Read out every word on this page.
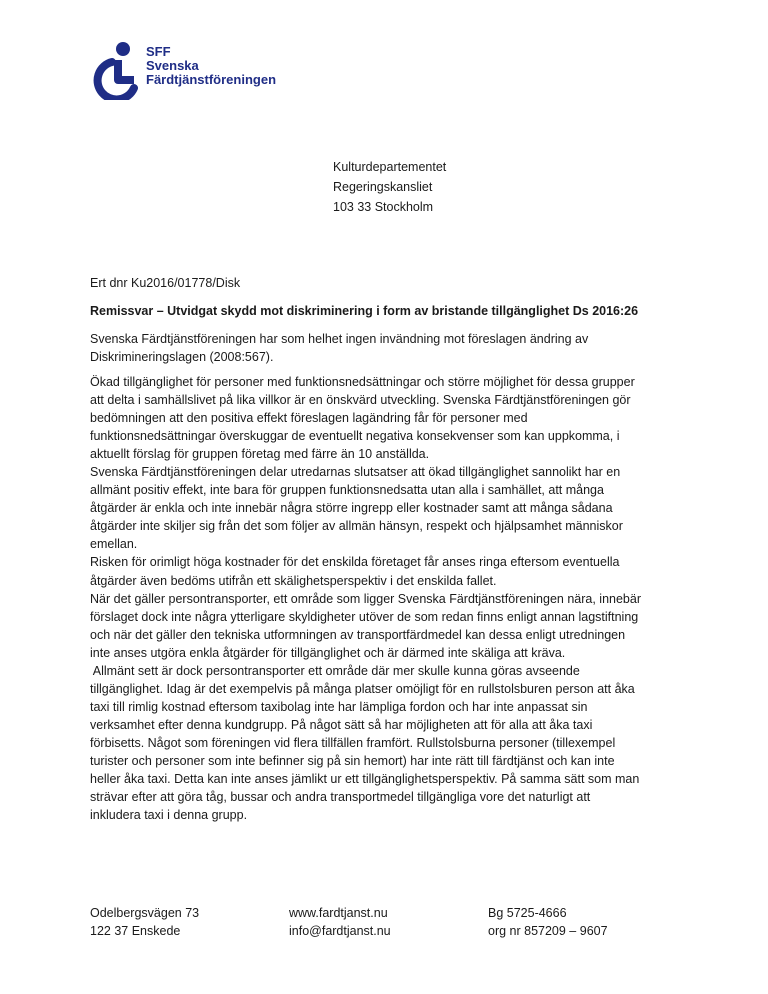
SFF
Svenska
Färdtjänstföreningen
Kulturdepartementet
Regeringskansliet
103 33 Stockholm
Ert dnr Ku2016/01778/Disk
Remissvar – Utvidgat skydd mot diskriminering i form av bristande tillgänglighet Ds 2016:26
Svenska Färdtjänstföreningen har som helhet ingen invändning mot föreslagen ändring av Diskrimineringslagen (2008:567).
Ökad tillgänglighet för personer med funktionsnedsättningar och större möjlighet för dessa grupper
att delta i samhällslivet på lika villkor är en önskvärd utveckling. Svenska Färdtjänstföreningen gör
bedömningen att den positiva effekt föreslagen lagändring får för personer med
funktionsnedsättningar överskuggar de eventuellt negativa konsekvenser som kan uppkomma, i
aktuellt förslag för gruppen företag med färre än 10 anställda.
Svenska Färdtjänstföreningen delar utredarnas slutsatser att ökad tillgänglighet sannolikt har en
allmänt positiv effekt, inte bara för gruppen funktionsnedsatta utan alla i samhället, att många
åtgärder är enkla och inte innebär några större ingrepp eller kostnader samt att många sådana
åtgärder inte skiljer sig från det som följer av allmän hänsyn, respekt och hjälpsamhet människor
emellan.
Risken för orimligt höga kostnader för det enskilda företaget får anses ringa eftersom eventuella
åtgärder även bedöms utifrån ett skälighetsperspektiv i det enskilda fallet.
När det gäller persontransporter, ett område som ligger Svenska Färdtjänstföreningen nära, innebär
förslaget dock inte några ytterligare skyldigheter utöver de som redan finns enligt annan lagstiftning
och när det gäller den tekniska utformningen av transportfärdmedel kan dessa enligt utredningen
inte anses utgöra enkla åtgärder för tillgänglighet och är därmed inte skäliga att kräva.
Allmänt sett är dock persontransporter ett område där mer skulle kunna göras avseende
tillgänglighet. Idag är det exempelvis på många platser omöjligt för en rullstolsburen person att åka
taxi till rimlig kostnad eftersom taxibolag inte har lämpliga fordon och har inte anpassat sin
verksamhet efter denna kundgrupp. På något sätt så har möjligheten att för alla att åka taxi
förbisetts. Något som föreningen vid flera tillfällen framfört. Rullstolsburna personer (tillexempel
turister och personer som inte befinner sig på sin hemort) har inte rätt till färdtjänst och kan inte
heller åka taxi. Detta kan inte anses jämlikt ur ett tillgänglighetsperspektiv. På samma sätt som man
strävar efter att göra tåg, bussar och andra transportmedel tillgängliga vore det naturligt att
inkludera taxi i denna grupp.
Odelbergsvägen 73
122 37 Enskede
www.fardtjanst.nu
info@fardtjanst.nu
Bg 5725-4666
org nr 857209 – 9607
